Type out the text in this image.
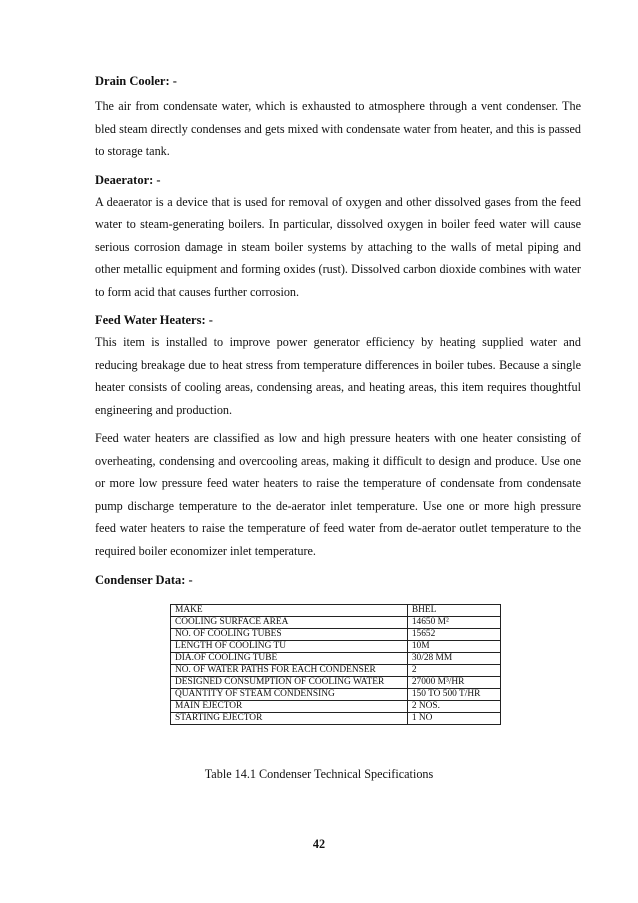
Drain Cooler: -

The air from condensate water, which is exhausted to atmosphere through a vent condenser. The bled steam directly condenses and gets mixed with condensate water from heater, and this is passed to storage tank.

Deaerator: -

A deaerator is a device that is used for removal of oxygen and other dissolved gases from the feed water to steam-generating boilers. In particular, dissolved oxygen in boiler feed water will cause serious corrosion damage in steam boiler systems by attaching to the walls of metal piping and other metallic equipment and forming oxides (rust). Dissolved carbon dioxide combines with water to form acid that causes further corrosion.

Feed Water Heaters: -

This item is installed to improve power generator efficiency by heating supplied water and reducing breakage due to heat stress from temperature differences in boiler tubes. Because a single heater consists of cooling areas, condensing areas, and heating areas, this item requires thoughtful engineering and production.

Feed water heaters are classified as low and high pressure heaters with one heater consisting of overheating, condensing and overcooling areas, making it difficult to design and produce. Use one or more low pressure feed water heaters to raise the temperature of condensate from condensate pump discharge temperature to the de-aerator inlet temperature. Use one or more high pressure feed water heaters to raise the temperature of feed water from de-aerator outlet temperature to the required boiler economizer inlet temperature.

Condenser Data: -

MAKE	BHEL
COOLING SURFACE AREA	14650 M²
NO. OF COOLING TUBES	15652
LENGTH OF COOLING TU	10M
DIA.OF COOLING TUBE	30/28 MM
NO. OF WATER PATHS FOR EACH CONDENSER	2
DESIGNED CONSUMPTION OF COOLING WATER	27000 M³/HR
QUANTITY OF STEAM CONDENSING	150 TO 500 T/HR
MAIN EJECTOR	2 NOS.
STARTING EJECTOR	1 NO
Table 14.1 Condenser Technical Specifications
42
